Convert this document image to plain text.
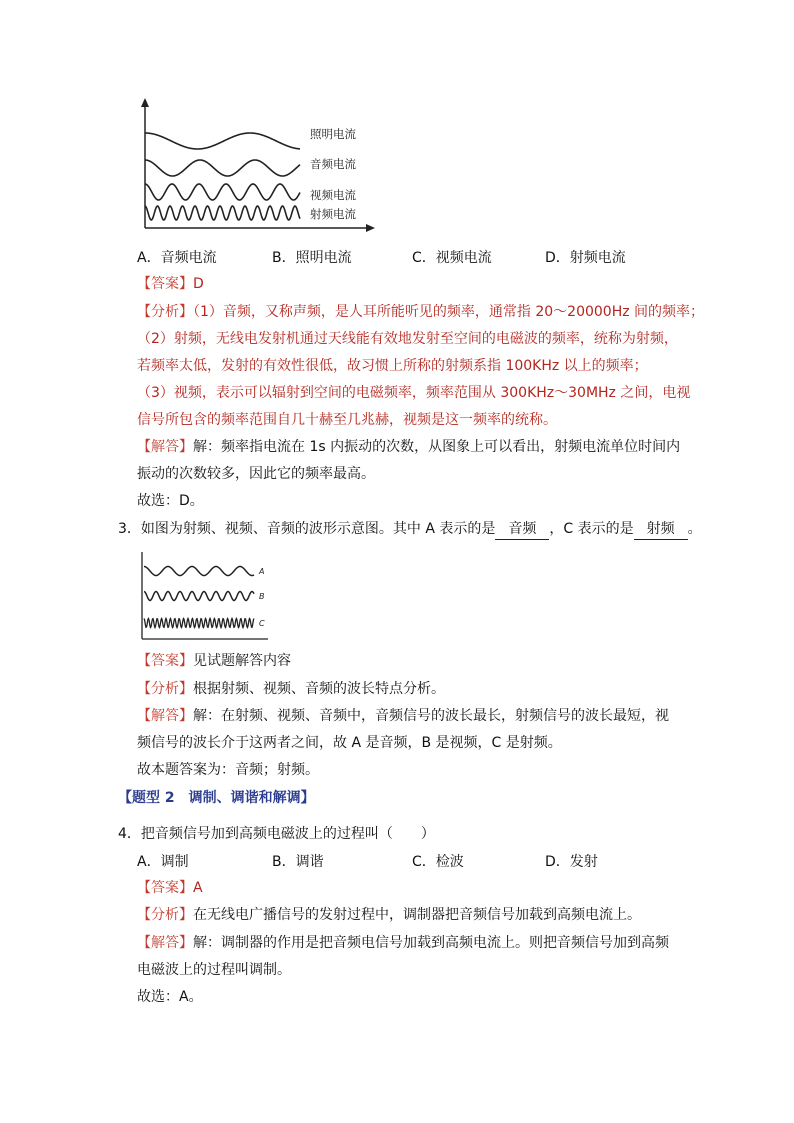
照明电流
音频电流
视频电流
射频电流
A．音频电流	B．照明电流	C．视频电流	D．射频电流
【答案】D
【分析】（1）音频，又称声频，是人耳所能听见的频率，通常指 20～20000Hz 间的频率；
（2）射频，无线电发射机通过天线能有效地发射至空间的电磁波的频率，统称为射频，
若频率太低，发射的有效性很低，故习惯上所称的射频系指 100KHz 以上的频率；
（3）视频，表示可以辐射到空间的电磁频率，频率范围从 300KHz～30MHz 之间，电视
信号所包含的频率范围自几十赫至几兆赫，视频是这一频率的统称。
【解答】解：频率指电流在 1s 内振动的次数，从图象上可以看出，射频电流单位时间内
振动的次数较多，因此它的频率最高。
故选：D。
3．如图为射频、视频、音频的波形示意图。其中 A 表示的是 音频 ，C 表示的是 射频 。
A
B
C
【答案】见试题解答内容
【分析】根据射频、视频、音频的波长特点分析。
【解答】解：在射频、视频、音频中，音频信号的波长最长，射频信号的波长最短，视
频信号的波长介于这两者之间，故 A 是音频，B 是视频，C 是射频。
故本题答案为：音频；射频。
【题型 2　调制、调谐和解调】
4．把音频信号加到高频电磁波上的过程叫（　　）
A．调制	B．调谐	C．检波	D．发射
【答案】A
【分析】在无线电广播信号的发射过程中，调制器把音频信号加载到高频电流上。
【解答】解：调制器的作用是把音频电信号加载到高频电流上。则把音频信号加到高频
电磁波上的过程叫调制。
故选：A。
